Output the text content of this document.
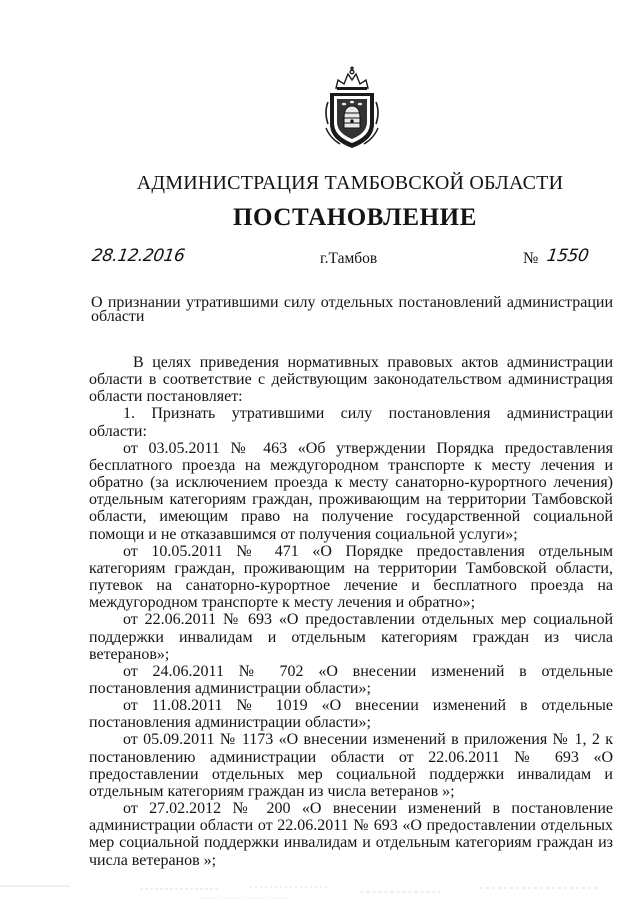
АДМИНИСТРАЦИЯ ТАМБОВСКОЙ ОБЛАСТИ
ПОСТАНОВЛЕНИЕ
28.12.2016	г.Тамбов	№ 1550
О признании утратившими силу отдельных постановлений администрации области

В целях приведения нормативных правовых актов администрации области в соответствие с действующим законодательством администрация области постановляет:

1. Признать утратившими силу постановления администрации области:

от 03.05.2011 № 463 «Об утверждении Порядка предоставления бесплатного проезда на междугородном транспорте к месту лечения и обратно (за исключением проезда к месту санаторно-курортного лечения) отдельным категориям граждан, проживающим на территории Тамбовской области, имеющим право на получение государственной социальной помощи и не отказавшимся от получения социальной услуги»;

от 10.05.2011 № 471 «О Порядке предоставления отдельным категориям граждан, проживающим на территории Тамбовской области, путевок на санаторно-курортное лечение и бесплатного проезда на междугородном транспорте к месту лечения и обратно»;

от 22.06.2011 № 693 «О предоставлении отдельных мер социальной поддержки инвалидам и отдельным категориям граждан из числа ветеранов»;

от 24.06.2011 № 702 «О внесении изменений в отдельные постановления администрации области»;

от 11.08.2011 № 1019 «О внесении изменений в отдельные постановления администрации области»;

от 05.09.2011 № 1173 «О внесении изменений в приложения № 1, 2 к постановлению администрации области от 22.06.2011 № 693 «О предоставлении отдельных мер социальной поддержки инвалидам и отдельным категориям граждан из числа ветеранов »;

от 27.02.2012 № 200 «О внесении изменений в постановление администрации области от 22.06.2011 № 693 «О предоставлении отдельных мер социальной поддержки инвалидам и отдельным категориям граждан из числа ветеранов »;
